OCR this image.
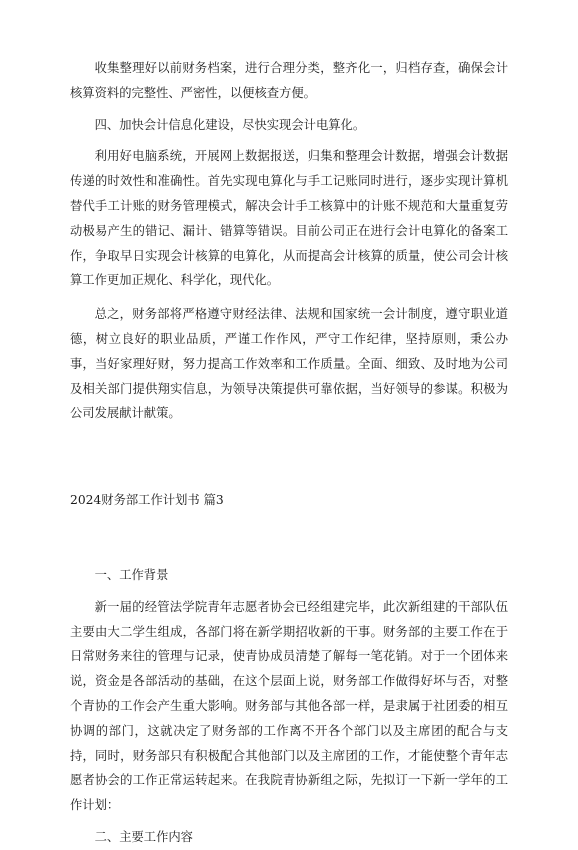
收集整理好以前财务档案，进行合理分类，整齐化一，归档存查，确保会计核算资料的完整性、严密性，以便核查方便。

四、加快会计信息化建设，尽快实现会计电算化。

利用好电脑系统，开展网上数据报送，归集和整理会计数据，增强会计数据传递的时效性和准确性。首先实现电算化与手工记账同时进行，逐步实现计算机替代手工计账的财务管理模式，解决会计手工核算中的计账不规范和大量重复劳动极易产生的错记、漏计、错算等错误。目前公司正在进行会计电算化的备案工作，争取早日实现会计核算的电算化，从而提高会计核算的质量，使公司会计核算工作更加正规化、科学化，现代化。

总之，财务部将严格遵守财经法律、法规和国家统一会计制度，遵守职业道德，树立良好的职业品质，严谨工作作风，严守工作纪律，坚持原则，秉公办事，当好家理好财，努力提高工作效率和工作质量。全面、细致、及时地为公司及相关部门提供翔实信息，为领导决策提供可靠依据，当好领导的参谋。积极为公司发展献计献策。

2024财务部工作计划书 篇3

一、工作背景

新一届的经管法学院青年志愿者协会已经组建完毕，此次新组建的干部队伍主要由大二学生组成，各部门将在新学期招收新的干事。财务部的主要工作在于日常财务来往的管理与记录，使青协成员清楚了解每一笔花销。对于一个团体来说，资金是各部活动的基础，在这个层面上说，财务部工作做得好坏与否，对整个青协的工作会产生重大影响。财务部与其他各部一样，是隶属于社团委的相互协调的部门，这就决定了财务部的工作离不开各个部门以及主席团的配合与支持，同时，财务部只有积极配合其他部门以及主席团的工作，才能使整个青年志愿者协会的工作正常运转起来。在我院青协新组之际，先拟订一下新一学年的工作计划：

二、主要工作内容
